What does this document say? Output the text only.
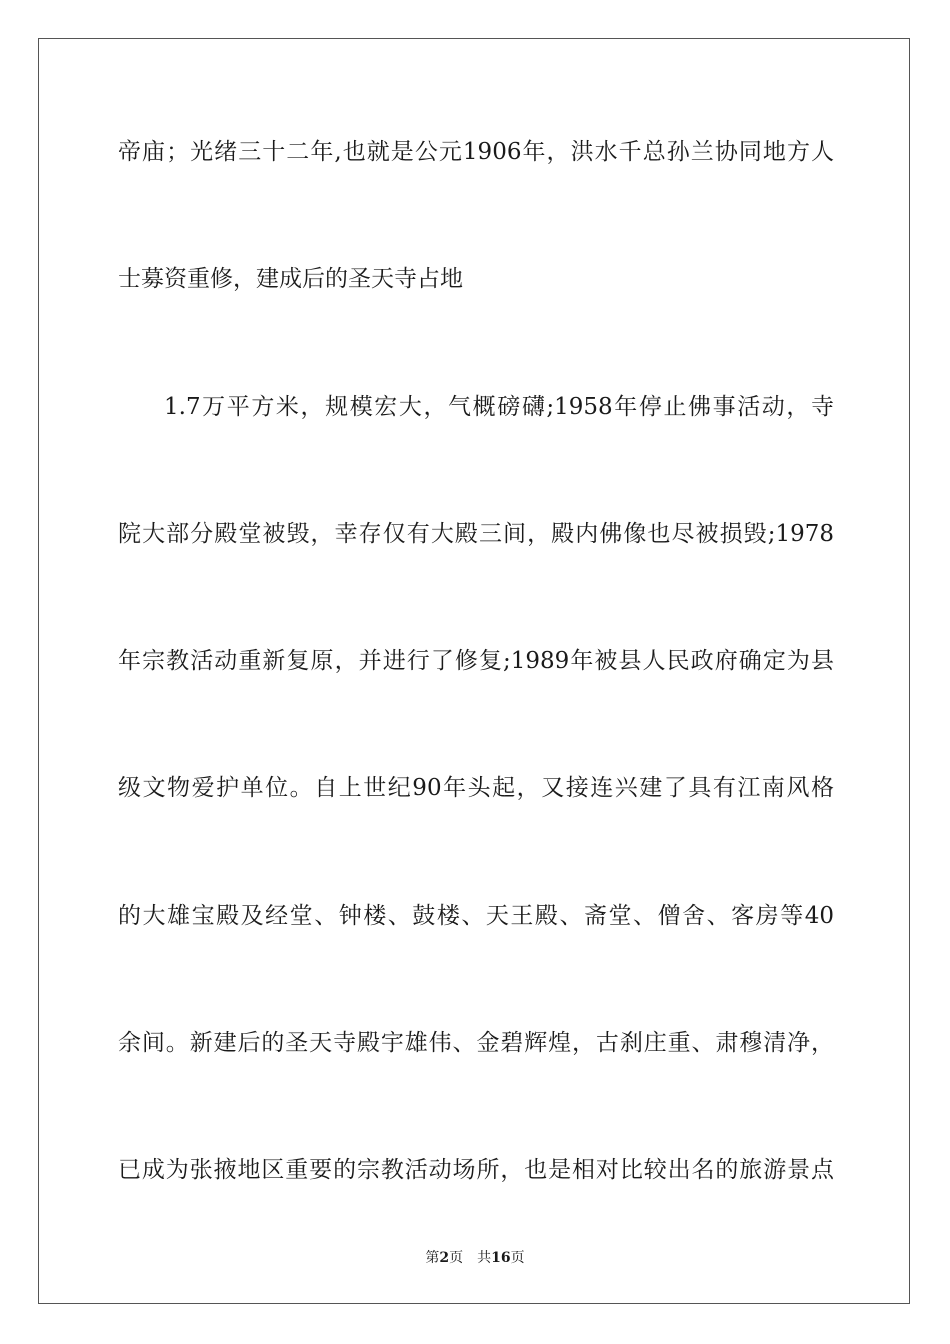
帝庙；光绪三十二年,也就是公元1906年，洪水千总孙兰协同地方人
士募资重修，建成后的圣天寺占地
1.7万平方米，规模宏大，气概磅礴;1958年停止佛事活动，寺
院大部分殿堂被毁，幸存仅有大殿三间，殿内佛像也尽被损毁;1978
年宗教活动重新复原，并进行了修复;1989年被县人民政府确定为县
级文物爱护单位。自上世纪90年头起，又接连兴建了具有江南风格
的大雄宝殿及经堂、钟楼、鼓楼、天王殿、斋堂、僧舍、客房等40
余间。新建后的圣天寺殿宇雄伟、金碧辉煌，古刹庄重、肃穆清净，
已成为张掖地区重要的宗教活动场所，也是相对比较出名的旅游景点
第2页 共16页
